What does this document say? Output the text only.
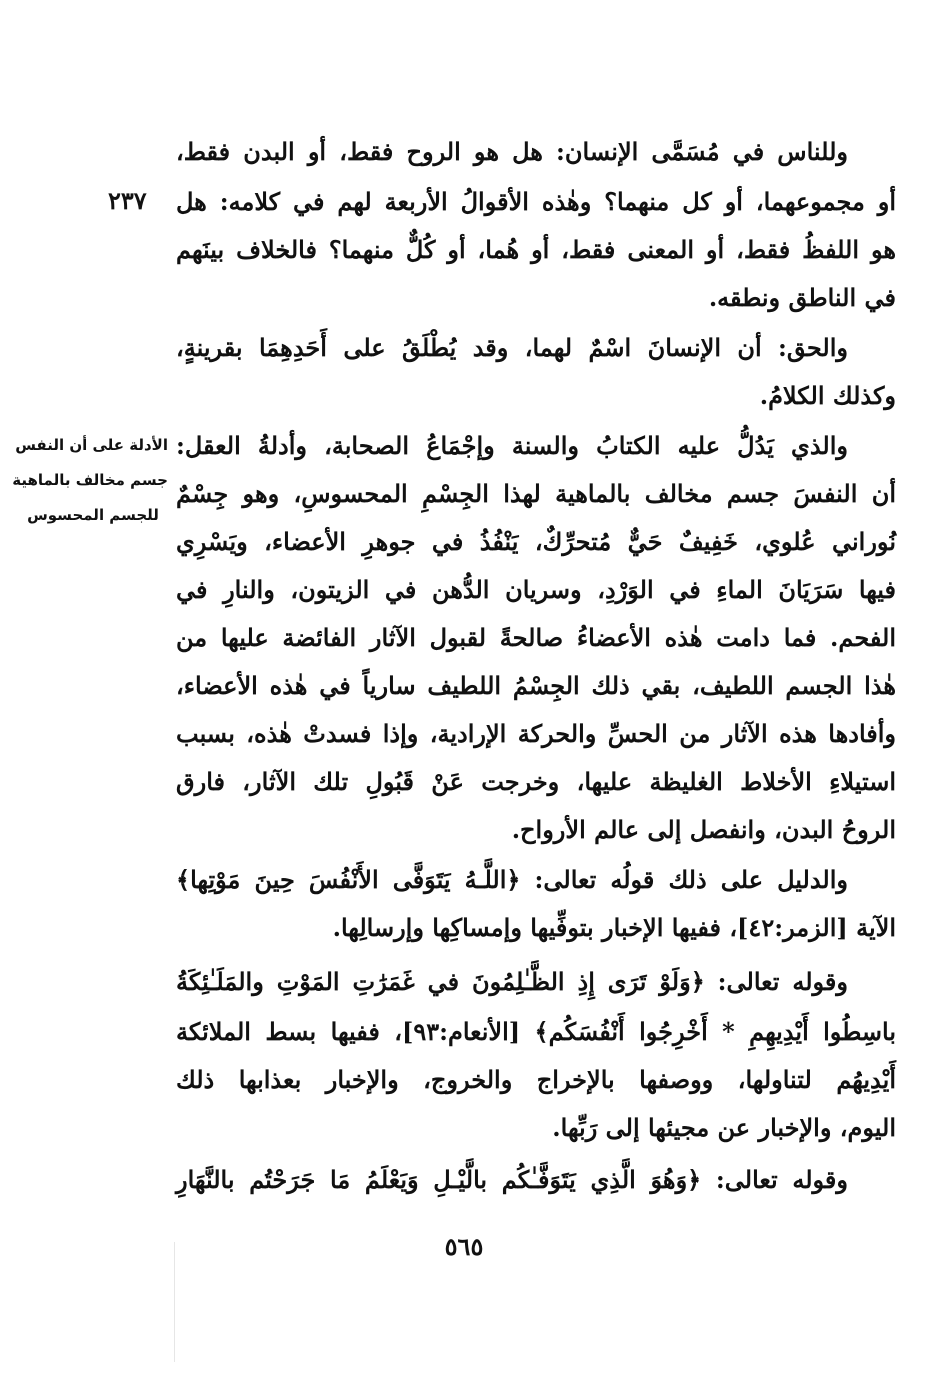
٢٣٧
الأدلة على أن النفس
جسم مخالف بالماهية
للجسم المحسوس
وللناس في مُسَمَّى الإنسان: هل هو الروح فقط، أو البدن فقط،
أو مجموعهما، أو كل منهما؟ وهٰذه الأقوالُ الأربعة لهم في كلامه: هل
هو اللفظُ فقط، أو المعنى فقط، أو هُما، أو كُلٌّ منهما؟ فالخلاف بينَهم
في الناطق ونطقه.
والحق: أن الإنسانَ اسْمٌ لهما، وقد يُطْلَقُ على أَحَدِهِمَا بقرينةٍ،
وكذلك الكلامُ.
والذي يَدُلُّ عليه الكتابُ والسنة وإجْمَاعُ الصحابة، وأدلةُ العقل:
أن النفسَ جسم مخالف بالماهية لهذا الجِسْمِ المحسوسِ، وهو جِسْمٌ
نُوراني عُلوي، خَفِيفٌ حَيٌّ مُتحرِّكٌ، يَنْفُذُ في جوهرِ الأعضاء، ويَسْرِي
فيها سَرَيَانَ الماءِ في الوَرْدِ، وسريان الدُّهن في الزيتون، والنارِ في
الفحم. فما دامت هٰذه الأعضاءُ صالحةً لقبول الآثار الفائضة عليها من
هٰذا الجسم اللطيف، بقي ذلك الجِسْمُ اللطيف سارياً في هٰذه الأعضاء،
وأفادها هذه الآثار من الحسِّ والحركة الإرادية، وإذا فسدتْ هٰذه، بسبب
استيلاءِ الأخلاط الغليظة عليها، وخرجت عَنْ قَبُولِ تلك الآثار، فارق
الروحُ البدن، وانفصل إلى عالم الأرواح.
والدليل على ذلك قولُه تعالى: ﴿اللَّـهُ يَتَوَفَّى الأَنْفُسَ حِينَ مَوْتِها﴾
الآية [الزمر:٤٢]، ففيها الإخبار بتوفِّيها وإمساكِها وإرسالِها.
وقوله تعالى: ﴿وَلَوْ تَرَى إِذِ الظَّـٰلِمُونَ في غَمَرَٰتِ المَوْتِ والمَلَـٰئِكَةُ
باسِطُوا أَيْدِيهِمِ * أَخْرِجُوا أَنْفُسَكُم﴾ [الأنعام:٩٣]، ففيها بسط الملائكة
أَيْدِيهُم لتناولها، ووصفها بالإخراج والخروج، والإخبار بعذابها ذلك
اليوم، والإخبار عن مجيئها إلى رَبِّها.
وقوله تعالى: ﴿وَهُوَ الَّذِي يَتَوَفَّـٰكُم بالَّيْـلِ وَيَعْلَمُ مَا جَرَحْتُم بالنَّهَارِ
٥٦٥
